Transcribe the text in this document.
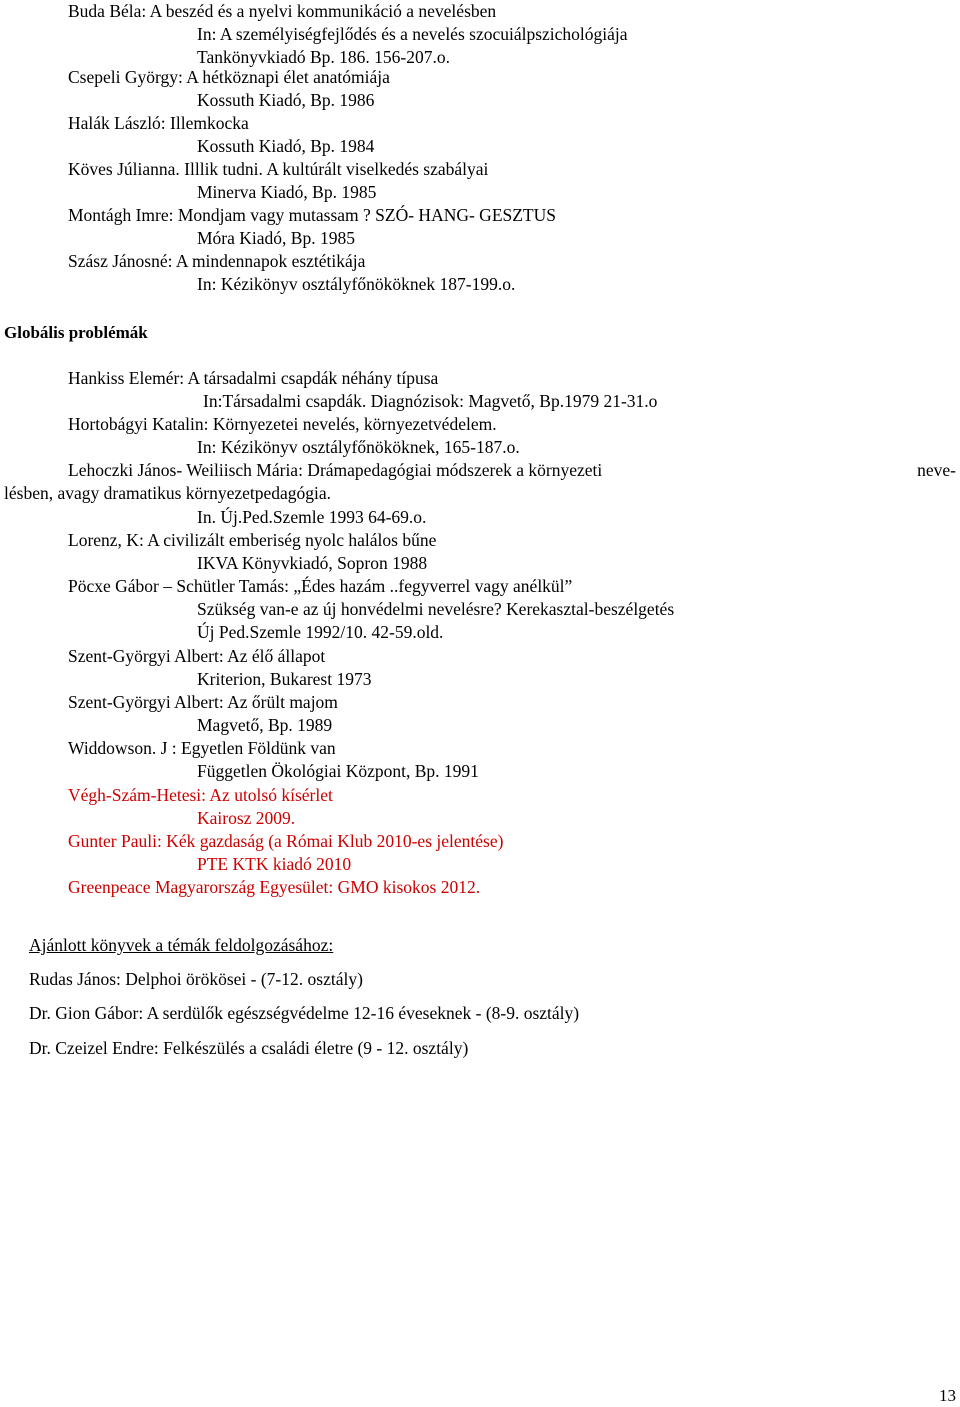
Buda Béla: A beszéd és a nyelvi kommunikáció a nevelésben
In: A személyiségfejlődés és a nevelés szocuiálpszichológiája
Tankönyvkiadó Bp. 186. 156-207.o.
Csepeli György: A hétköznapi élet anatómiája
Kossuth Kiadó, Bp. 1986
Halák László: Illemkocka
Kossuth Kiadó, Bp. 1984
Köves Júlianna. Illlik tudni. A kultúrált viselkedés szabályai
Minerva Kiadó, Bp. 1985
Montágh Imre: Mondjam vagy mutassam ? SZÓ- HANG- GESZTUS
Móra Kiadó, Bp. 1985
Szász Jánosné: A mindennapok esztétikája
In: Kézikönyv osztályfőnököknek 187-199.o.
Globális problémák
Hankiss Elemér: A társadalmi csapdák néhány típusa
In:Társadalmi csapdák. Diagnózisok: Magvető, Bp.1979 21-31.o
Hortobágyi Katalin: Környezetei nevelés, környezetvédelem.
In: Kézikönyv osztályfőnököknek, 165-187.o.
Lehoczki János- Weiliisch Mária: Drámapedagógiai módszerek a környezeti	neve-
lésben, avagy dramatikus környezetpedagógia.
In. Új.Ped.Szemle 1993 64-69.o.
Lorenz, K: A civilizált emberiség nyolc halálos bűne
IKVA Könyvkiadó, Sopron 1988
Pöcxe Gábor – Schütler Tamás: „Édes hazám ..fegyverrel vagy anélkül”
Szükség van-e az új honvédelmi nevelésre? Kerekasztal-beszélgetés
Új Ped.Szemle 1992/10. 42-59.old.
Szent-Györgyi Albert: Az élő állapot
Kriterion, Bukarest 1973
Szent-Györgyi Albert: Az őrült majom
Magvető, Bp. 1989
Widdowson. J : Egyetlen Földünk van
Független Ökológiai Központ, Bp. 1991
Végh-Szám-Hetesi: Az utolsó kísérlet
Kairosz 2009.
Gunter Pauli: Kék gazdaság (a Római Klub 2010-es jelentése)
PTE KTK kiadó 2010
Greenpeace Magyarország Egyesület: GMO kisokos 2012.
Ajánlott könyvek a témák feldolgozásához:
Rudas János: Delphoi örökösei - (7-12. osztály)
Dr. Gion Gábor: A serdülők egészségvédelme 12-16 éveseknek - (8-9. osztály)
Dr. Czeizel Endre: Felkészülés a családi életre (9 - 12. osztály)
13
